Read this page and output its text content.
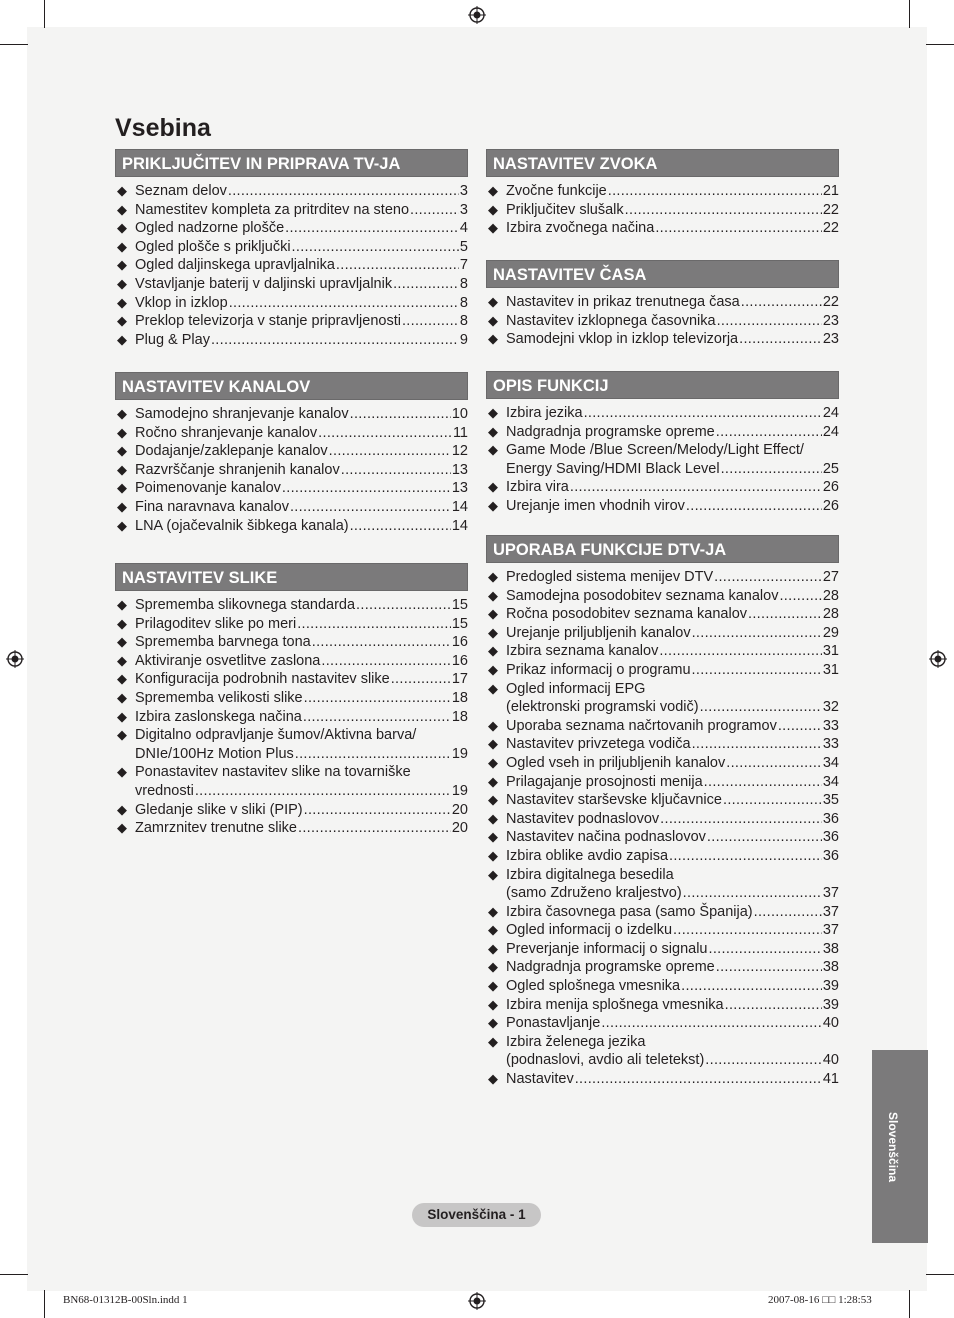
Vsebina
PRIKLJUČITEV IN PRIPRAVA TV-JA
◆ Seznam delov .....	3
◆ Namestitev kompleta za pritrditev na steno .....	3
◆ Ogled nadzorne plošče .....	4
◆ Ogled plošče s priključki .....	5
◆ Ogled daljinskega upravljalnika .....	7
◆ Vstavljanje baterij v daljinski upravljalnik .....	8
◆ Vklop in izklop .....	8
◆ Preklop televizorja v stanje pripravljenosti .....	8
◆ Plug & Play .....	9
NASTAVITEV KANALOV
◆ Samodejno shranjevanje kanalov .....	10
◆ Ročno shranjevanje kanalov .....	11
◆ Dodajanje/zaklepanje kanalov .....	12
◆ Razvrščanje shranjenih kanalov .....	13
◆ Poimenovanje kanalov .....	13
◆ Fina naravnava kanalov .....	14
◆ LNA (ojačevalnik šibkega kanala) .....	14
NASTAVITEV SLIKE
◆ Sprememba slikovnega standarda .....	15
◆ Prilagoditev slike po meri .....	15
◆ Sprememba barvnega tona .....	16
◆ Aktiviranje osvetlitve zaslona .....	16
◆ Konfiguracija podrobnih nastavitev slike .....	17
◆ Sprememba velikosti slike .....	18
◆ Izbira zaslonskega načina .....	18
◆ Digitalno odpravljanje šumov/Aktivna barva/
DNIe/100Hz Motion Plus .....	19
◆ Ponastavitev nastavitev slike na tovarniške
vrednosti .....	19
◆ Gledanje slike v sliki (PIP) .....	20
◆ Zamrznitev trenutne slike .....	20
NASTAVITEV ZVOKA
◆ Zvočne funkcije .....	21
◆ Priključitev slušalk .....	22
◆ Izbira zvočnega načina .....	22
NASTAVITEV ČASA
◆ Nastavitev in prikaz trenutnega časa .....	22
◆ Nastavitev izklopnega časovnika .....	23
◆ Samodejni vklop in izklop televizorja .....	23
OPIS FUNKCIJ
◆ Izbira jezika .....	24
◆ Nadgradnja programske opreme .....	24
◆ Game Mode /Blue Screen/Melody/Light Effect/
Energy Saving/HDMI Black Level .....	25
◆ Izbira vira .....	26
◆ Urejanje imen vhodnih virov .....	26
UPORABA FUNKCIJE DTV-JA
◆ Predogled sistema menijev DTV .....	27
◆ Samodejna posodobitev seznama kanalov .....	28
◆ Ročna posodobitev seznama kanalov .....	28
◆ Urejanje priljubljenih kanalov .....	29
◆ Izbira seznama kanalov .....	31
◆ Prikaz informacij o programu .....	31
◆ Ogled informacij EPG
(elektronski programski vodič) .....	32
◆ Uporaba seznama načrtovanih programov .....	33
◆ Nastavitev privzetega vodiča .....	33
◆ Ogled vseh in priljubljenih kanalov .....	34
◆ Prilagajanje prosojnosti menija .....	34
◆ Nastavitev starševske ključavnice .....	35
◆ Nastavitev podnaslovov .....	36
◆ Nastavitev načina podnaslovov .....	36
◆ Izbira oblike avdio zapisa .....	36
◆ Izbira digitalnega besedila
(samo Združeno kraljestvo) .....	37
◆ Izbira časovnega pasa (samo Španija) .....	37
◆ Ogled informacij o izdelku .....	37
◆ Preverjanje informacij o signalu .....	38
◆ Nadgradnja programske opreme .....	38
◆ Ogled splošnega vmesnika .....	39
◆ Izbira menija splošnega vmesnika .....	39
◆ Ponastavljanje .....	40
◆ Izbira želenega jezika
(podnaslovi, avdio ali teletekst) .....	40
◆ Nastavitev .....	41
Slovenščina
Slovenščina - 1
BN68-01312B-00Sln.indd 1	2007-08-16 □□ 1:28:53
